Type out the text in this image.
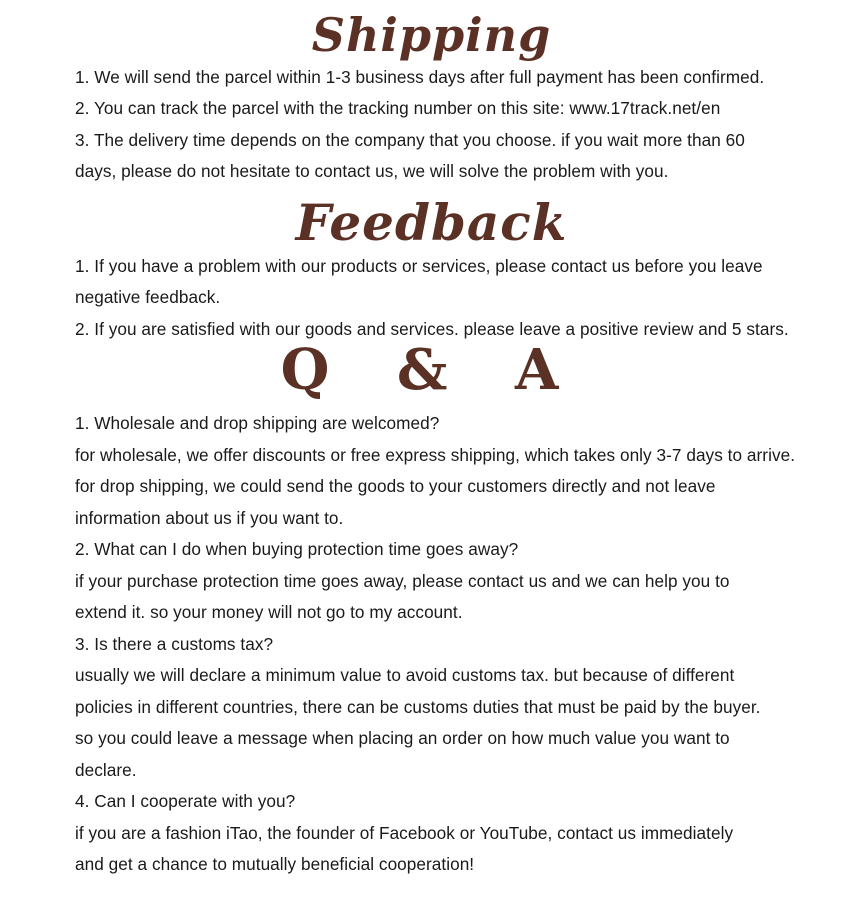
Shipping
1. We will send the parcel within 1-3 business days after full payment has been confirmed.
2. You can track the parcel with the tracking number on this site: www.17track.net/en
3. The delivery time depends on the company that you choose. if you wait more than 60
days, please do not hesitate to contact us, we will solve the problem with you.
Feedback
1. If you have a problem with our products or services, please contact us before you leave
negative feedback.
2. If you are satisfied with our goods and services. please leave a positive review and 5 stars.
Q & A
1. Wholesale and drop shipping are welcomed?
for wholesale, we offer discounts or free express shipping, which takes only 3-7 days to arrive.
for drop shipping, we could send the goods to your customers directly and not leave
information about us if you want to.
2. What can I do when buying protection time goes away?
if your purchase protection time goes away, please contact us and we can help you to
extend it. so your money will not go to my account.
3. Is there a customs tax?
usually we will declare a minimum value to avoid customs tax. but because of different
policies in different countries, there can be customs duties that must be paid by the buyer.
so you could leave a message when placing an order on how much value you want to
declare.
4. Can I cooperate with you?
if you are a fashion iTao, the founder of Facebook or YouTube, contact us immediately
and get a chance to mutually beneficial cooperation!
